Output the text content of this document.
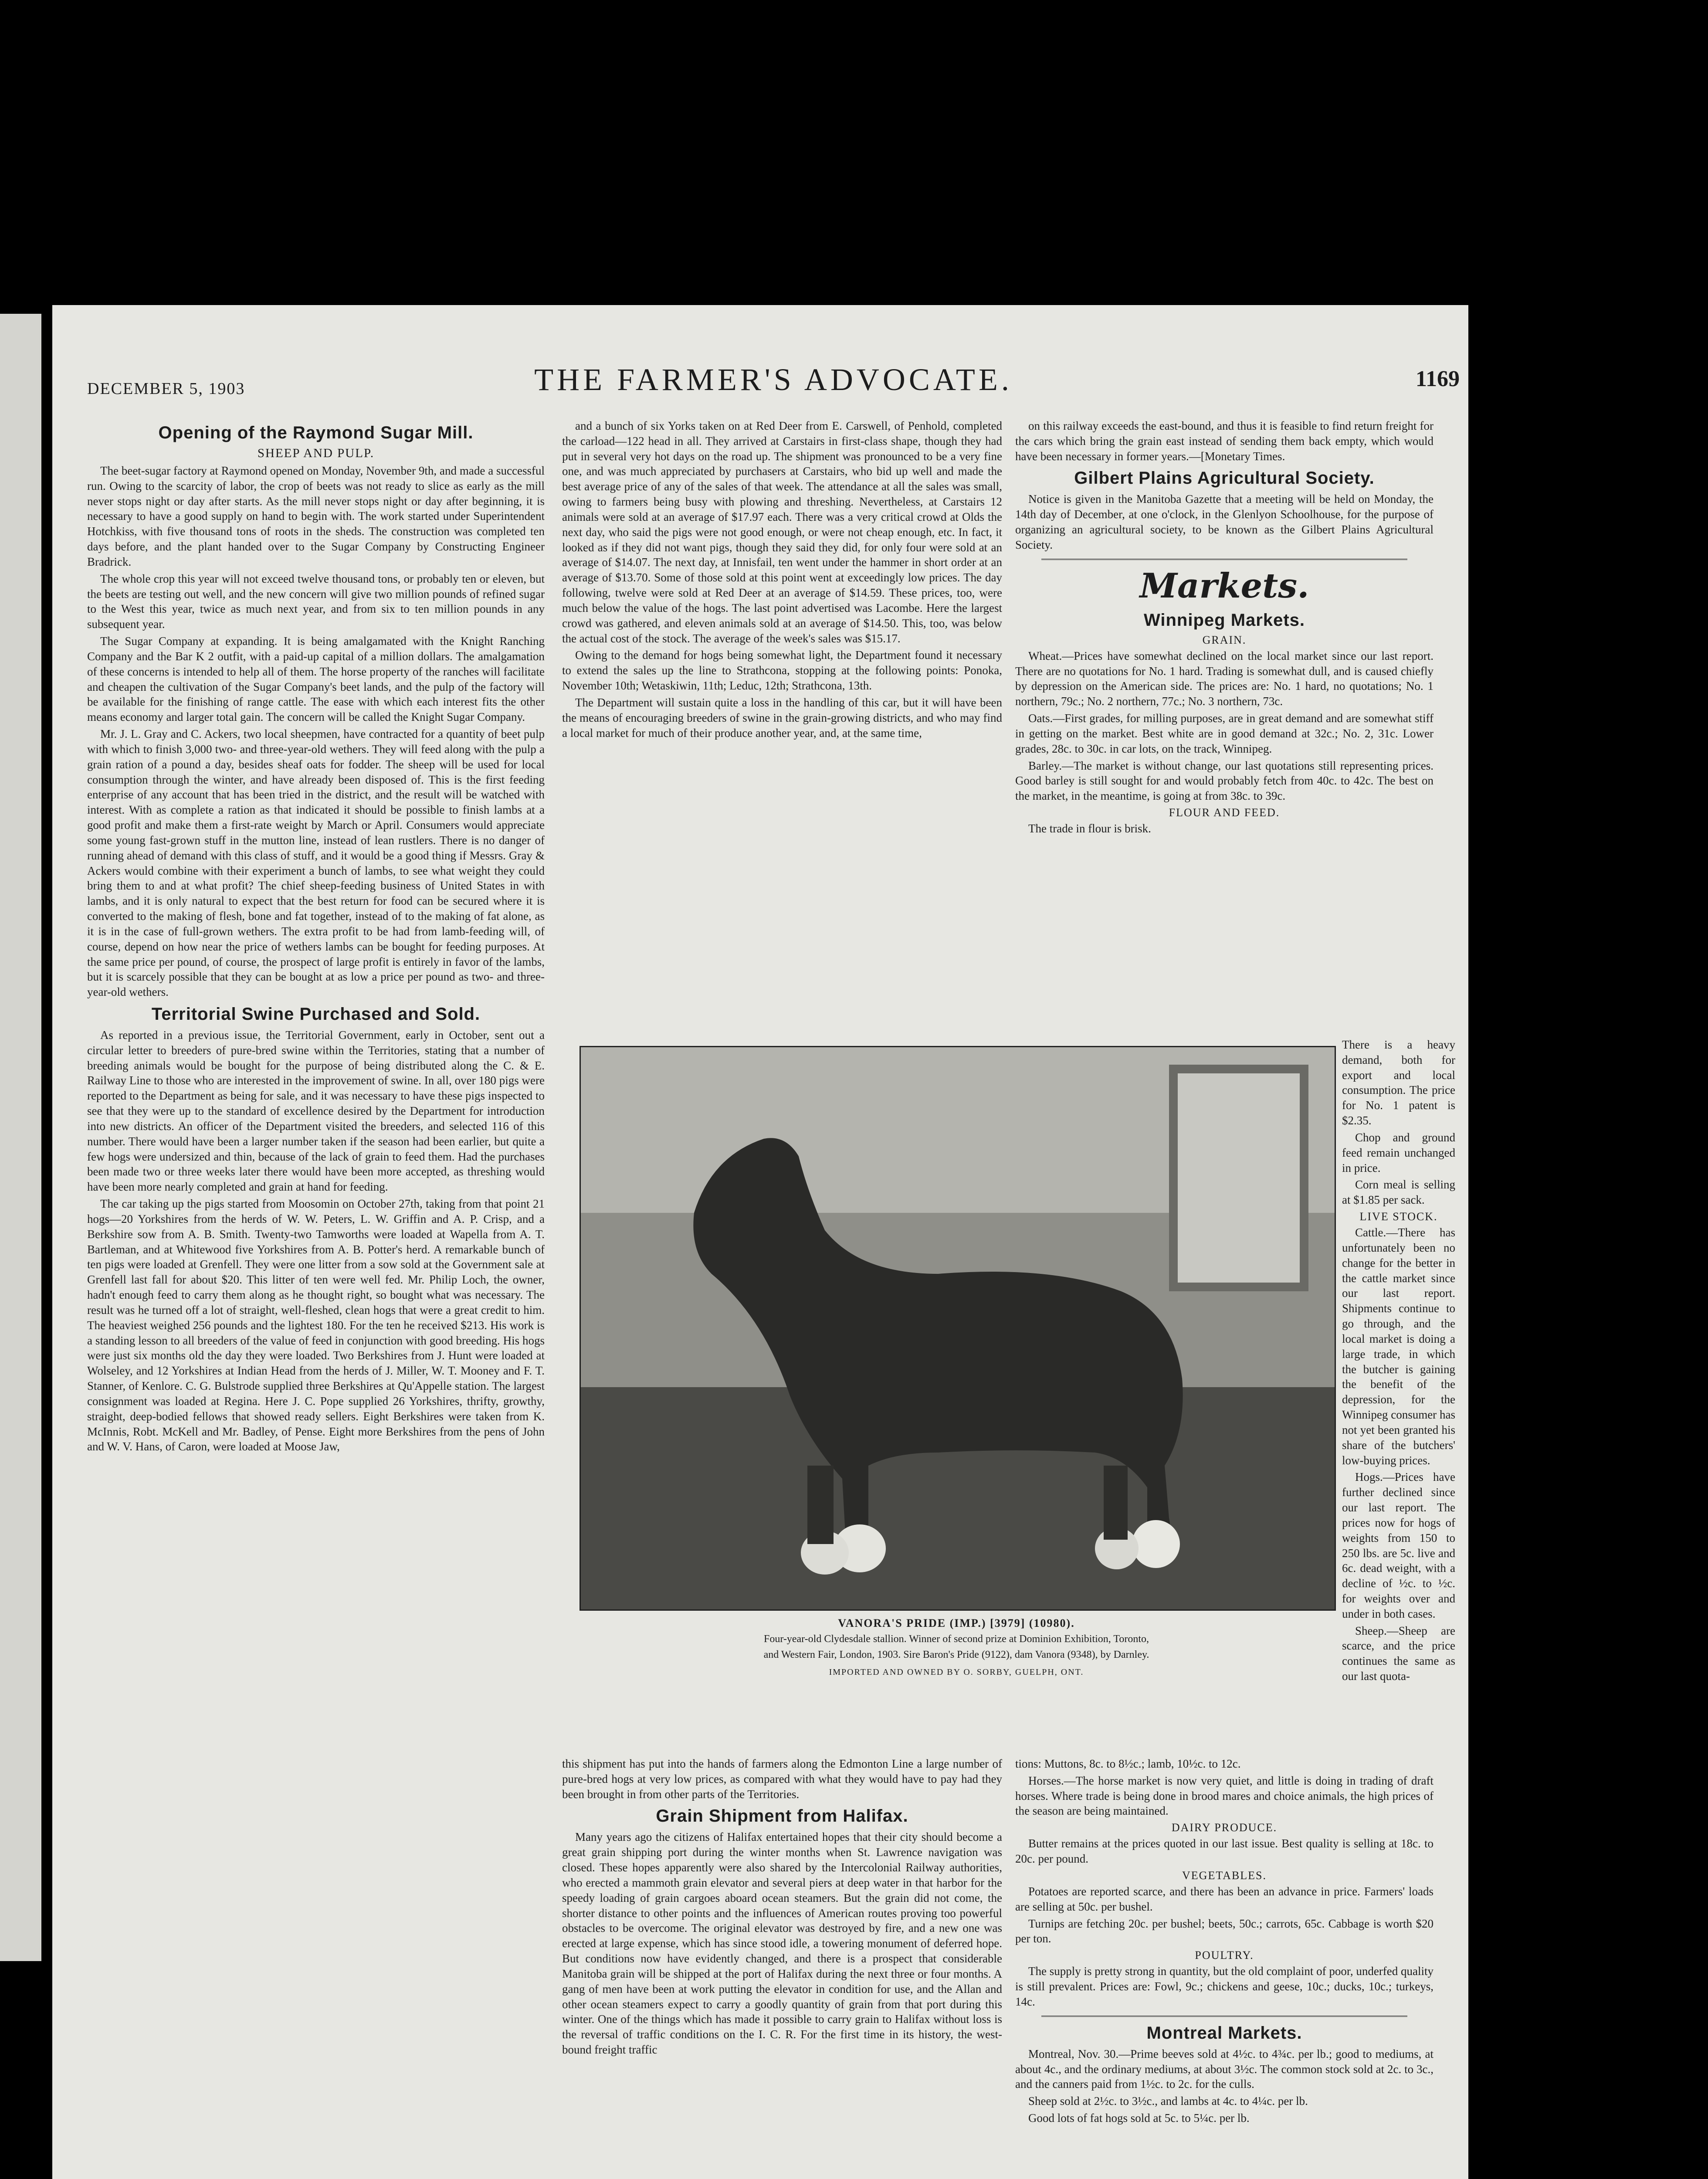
DECEMBER 5, 1903	THE FARMER'S ADVOCATE.	1169
Opening of the Raymond Sugar Mill.
SHEEP AND PULP.

The beet-sugar factory at Raymond opened on Monday, November 9th, and made a successful run. Owing to the scarcity of labor, the crop of beets was not ready to slice as early as the mill never stops night or day after starts. As the mill never stops night or day after beginning, it is necessary to have a good supply on hand to begin with. The work started under Superintendent Hotchkiss, with five thousand tons of roots in the sheds. The construction was completed ten days before, and the plant handed over to the Sugar Company by Constructing Engineer Bradrick.

The whole crop this year will not exceed twelve thousand tons, or probably ten or eleven, but the beets are testing out well, and the new concern will give two million pounds of refined sugar to the West this year, twice as much next year, and from six to ten million pounds in any subsequent year.

The Sugar Company at expanding. It is being amalgamated with the Knight Ranching Company and the Bar K 2 outfit, with a paid-up capital of a million dollars. The amalgamation of these concerns is intended to help all of them. The horse property of the ranches will facilitate and cheapen the cultivation of the Sugar Company's beet lands, and the pulp of the factory will be available for the finishing of range cattle. The ease with which each interest fits the other means economy and larger total gain. The concern will be called the Knight Sugar Company.

Mr. J. L. Gray and C. Ackers, two local sheepmen, have contracted for a quantity of beet pulp with which to finish 3,000 two- and three-year-old wethers. They will feed along with the pulp a grain ration of a pound a day, besides sheaf oats for fodder. The sheep will be used for local consumption through the winter, and have already been disposed of. This is the first feeding enterprise of any account that has been tried in the district, and the result will be watched with interest. With as complete a ration as that indicated it should be possible to finish lambs at a good profit and make them a first-rate weight by March or April. Consumers would appreciate some young fast-grown stuff in the mutton line, instead of lean rustlers. There is no danger of running ahead of demand with this class of stuff, and it would be a good thing if Messrs. Gray & Ackers would combine with their experiment a bunch of lambs, to see what weight they could bring them to and at what profit? The chief sheep-feeding business of United States in with lambs, and it is only natural to expect that the best return for food can be secured where it is converted to the making of flesh, bone and fat together, instead of to the making of fat alone, as it is in the case of full-grown wethers. The extra profit to be had from lamb-feeding will, of course, depend on how near the price of wethers lambs can be bought for feeding purposes. At the same price per pound, of course, the prospect of large profit is entirely in favor of the lambs, but it is scarcely possible that they can be bought at as low a price per pound as two- and three-year-old wethers.

Territorial Swine Purchased and Sold.

As reported in a previous issue, the Territorial Government, early in October, sent out a circular letter to breeders of pure-bred swine within the Territories, stating that a number of breeding animals would be bought for the purpose of being distributed along the C. & E. Railway Line to those who are interested in the improvement of swine. In all, over 180 pigs were reported to the Department as being for sale, and it was necessary to have these pigs inspected to see that they were up to the standard of excellence desired by the Department for introduction into new districts. An officer of the Department visited the breeders, and selected 116 of this number. There would have been a larger number taken if the season had been earlier, but quite a few hogs were undersized and thin, because of the lack of grain to feed them. Had the purchases been made two or three weeks later there would have been more accepted, as threshing would have been more nearly completed and grain at hand for feeding.

The car taking up the pigs started from Moosomin on October 27th, taking from that point 21 hogs—20 Yorkshires from the herds of W. W. Peters, L. W. Griffin and A. P. Crisp, and a Berkshire sow from A. B. Smith. Twenty-two Tamworths were loaded at Wapella from A. T. Bartleman, and at Whitewood five Yorkshires from A. B. Potter's herd. A remarkable bunch of ten pigs were loaded at Grenfell. They were one litter from a sow sold at the Government sale at Grenfell last fall for about $20. This litter of ten were well fed. Mr. Philip Loch, the owner, hadn't enough feed to carry them along as he thought right, so bought what was necessary. The result was he turned off a lot of straight, well-fleshed, clean hogs that were a great credit to him. The heaviest weighed 256 pounds and the lightest 180. For the ten he received $213. His work is a standing lesson to all breeders of the value of feed in conjunction with good breeding. His hogs were just six months old the day they were loaded. Two Berkshires from J. Hunt were loaded at Wolseley, and 12 Yorkshires at Indian Head from the herds of J. Miller, W. T. Mooney and F. T. Stanner, of Kenlore. C. G. Bulstrode supplied three Berkshires at Qu'Appelle station. The largest consignment was loaded at Regina. Here J. C. Pope supplied 26 Yorkshires, thrifty, growthy, straight, deep-bodied fellows that showed ready sellers. Eight Berkshires were taken from K. McInnis, Robt. McKell and Mr. Badley, of Pense. Eight more Berkshires from the pens of John and W. V. Hans, of Caron, were loaded at Moose Jaw,

and a bunch of six Yorks taken on at Red Deer from E. Carswell, of Penhold, completed the carload—122 head in all. They arrived at Carstairs in first-class shape, though they had put in several very hot days on the road up. The shipment was pronounced to be a very fine one, and was much appreciated by purchasers at Carstairs, who bid up well and made the best average price of any of the sales of that week. The attendance at all the sales was small, owing to farmers being busy with plowing and threshing. Nevertheless, at Carstairs 12 animals were sold at an average of $17.97 each. There was a very critical crowd at Olds the next day, who said the pigs were not good enough, or were not cheap enough, etc. In fact, it looked as if they did not want pigs, though they said they did, for only four were sold at an average of $14.07. The next day, at Innisfail, ten went under the hammer in short order at an average of $13.70. Some of those sold at this point went at exceedingly low prices. The day following, twelve were sold at Red Deer at an average of $14.59. These prices, too, were much below the value of the hogs. The last point advertised was Lacombe. Here the largest crowd was gathered, and eleven animals sold at an average of $14.50. This, too, was below the actual cost of the stock. The average of the week's sales was $15.17.

Owing to the demand for hogs being somewhat light, the Department found it necessary to extend the sales up the line to Strathcona, stopping at the following points: Ponoka, November 10th; Wetaskiwin, 11th; Leduc, 12th; Strathcona, 13th.

The Department will sustain quite a loss in the handling of this car, but it will have been the means of encouraging breeders of swine in the grain-growing districts, and who may find a local market for much of their produce another year, and, at the same time,

on this railway exceeds the east-bound, and thus it is feasible to find return freight for the cars which bring the grain east instead of sending them back empty, which would have been necessary in former years.—[Monetary Times.

Gilbert Plains Agricultural Society.

Notice is given in the Manitoba Gazette that a meeting will be held on Monday, the 14th day of December, at one o'clock, in the Glenlyon Schoolhouse, for the purpose of organizing an agricultural society, to be known as the Gilbert Plains Agricultural Society.

Markets.
Winnipeg Markets.
GRAIN.

Wheat.—Prices have somewhat declined on the local market since our last report. There are no quotations for No. 1 hard. Trading is somewhat dull, and is caused chiefly by depression on the American side. The prices are: No. 1 hard, no quotations; No. 1 northern, 79c.; No. 2 northern, 77c.; No. 3 northern, 73c.

Oats.—First grades, for milling purposes, are in great demand and are somewhat stiff in getting on the market. Best white are in good demand at 32c.; No. 2, 31c. Lower grades, 28c. to 30c. in car lots, on the track, Winnipeg.

Barley.—The market is without change, our last quotations still representing prices. Good barley is still sought for and would probably fetch from 40c. to 42c. The best on the market, in the meantime, is going at from 38c. to 39c.

FLOUR AND FEED.

The trade in flour is brisk.

VANORA'S PRIDE (IMP.) [3979] (10980).
Four-year-old Clydesdale stallion. Winner of second prize at Dominion Exhibition, Toronto,
and Western Fair, London, 1903. Sire Baron's Pride (9122), dam Vanora (9348), by Darnley.
IMPORTED AND OWNED BY O. SORBY, GUELPH, ONT.

There is a heavy demand, both for export and local consumption. The price for No. 1 patent is $2.35.

Chop and ground feed remain unchanged in price.

Corn meal is selling at $1.85 per sack.

LIVE STOCK.

Cattle.—There has unfortunately been no change for the better in the cattle market since our last report. Shipments continue to go through, and the local market is doing a large trade, in which the butcher is gaining the benefit of the depression, for the Winnipeg consumer has not yet been granted his share of the butchers' low-buying prices.

Hogs.—Prices have further declined since our last report. The prices now for hogs of weights from 150 to 250 lbs. are 5c. live and 6c. dead weight, with a decline of ½c. to ½c. for weights over and under in both cases.

Sheep.—Sheep are scarce, and the price continues the same as our last quota-

this shipment has put into the hands of farmers along the Edmonton Line a large number of pure-bred hogs at very low prices, as compared with what they would have to pay had they been brought in from other parts of the Territories.

Grain Shipment from Halifax.

Many years ago the citizens of Halifax entertained hopes that their city should become a great grain shipping port during the winter months when St. Lawrence navigation was closed. These hopes apparently were also shared by the Intercolonial Railway authorities, who erected a mammoth grain elevator and several piers at deep water in that harbor for the speedy loading of grain cargoes aboard ocean steamers. But the grain did not come, the shorter distance to other points and the influences of American routes proving too powerful obstacles to be overcome. The original elevator was destroyed by fire, and a new one was erected at large expense, which has since stood idle, a towering monument of deferred hope. But conditions now have evidently changed, and there is a prospect that considerable Manitoba grain will be shipped at the port of Halifax during the next three or four months. A gang of men have been at work putting the elevator in condition for use, and the Allan and other ocean steamers expect to carry a goodly quantity of grain from that port during this winter. One of the things which has made it possible to carry grain to Halifax without loss is the reversal of traffic conditions on the I. C. R. For the first time in its history, the west-bound freight traffic

tions: Muttons, 8c. to 8½c.; lamb, 10½c. to 12c.

Horses.—The horse market is now very quiet, and little is doing in trading of draft horses. Where trade is being done in brood mares and choice animals, the high prices of the season are being maintained.

DAIRY PRODUCE.

Butter remains at the prices quoted in our last issue. Best quality is selling at 18c. to 20c. per pound.

VEGETABLES.

Potatoes are reported scarce, and there has been an advance in price. Farmers' loads are selling at 50c. per bushel.

Turnips are fetching 20c. per bushel; beets, 50c.; carrots, 65c. Cabbage is worth $20 per ton.

POULTRY.

The supply is pretty strong in quantity, but the old complaint of poor, underfed quality is still prevalent. Prices are: Fowl, 9c.; chickens and geese, 10c.; ducks, 10c.; turkeys, 14c.

Montreal Markets.

Montreal, Nov. 30.—Prime beeves sold at 4½c. to 4¾c. per lb.; good to mediums, at about 4c., and the ordinary mediums, at about 3½c. The common stock sold at 2c. to 3c., and the canners paid from 1½c. to 2c. for the culls.

Sheep sold at 2½c. to 3½c., and lambs at 4c. to 4¼c. per lb.

Good lots of fat hogs sold at 5c. to 5¼c. per lb.
